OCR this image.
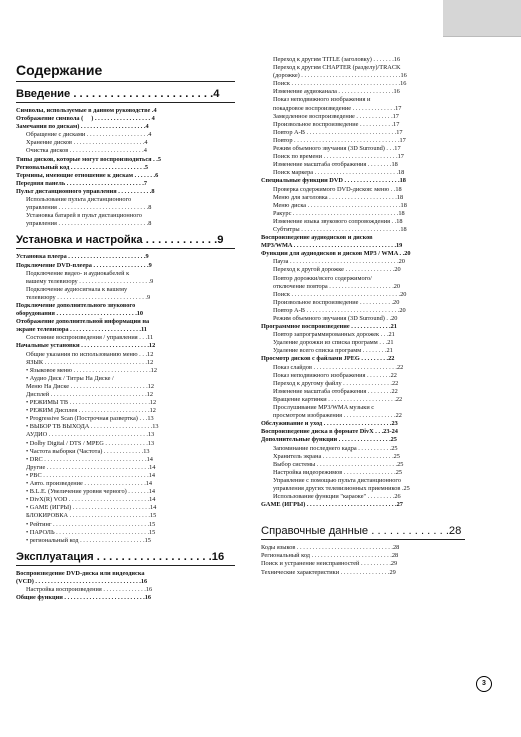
Содержание
Введение . . . . . . . . . . . . . . . . . . . . . . .4
Символы, используемые в данном руководстве .4
Отображение символа ( ⃠ ) . . . . . . . . . . . . . . . . . . 4
Замечания по дискам) . . . . . . . . . . . . . . . . . . . . .4
Обращение с дисками . . . . . . . . . . . . . . . . . . . .4
Хранение дисков . . . . . . . . . . . . . . . . . . . . . . .4
Очистка дисков . . . . . . . . . . . . . . . . . . . . . . . .4
Типы дисков, которые могут воспроизводиться . .5
Региональный код . . . . . . . . . . . . . . . . . . . . . . . .5
Термины, имеющие отношение к дискам . . . . . . .6
Передняя панель . . . . . . . . . . . . . . . . . . . . . . . . .7
Пульт дистанционного управления . . . . . . . . . . .8
Использование пульта дистанционного
управления . . . . . . . . . . . . . . . . . . . . . . . . . . . . .8
Установка батарей в пульт дистанционного
управления . . . . . . . . . . . . . . . . . . . . . . . . . . . . .8
Установка и настройка . . . . . . . . . . . .9
Установка плеера . . . . . . . . . . . . . . . . . . . . . . . . .9
Подключение DVD-плеера . . . . . . . . . . . . . . . . . .9
Подключение видео- и аудиокабелей к
вашему телевизору . . . . . . . . . . . . . . . . . . . . . . .9
Подключение аудиосигнала к вашему
телевизору . . . . . . . . . . . . . . . . . . . . . . . . . . . . .9
Подключение дополнительного звукового
оборудования . . . . . . . . . . . . . . . . . . . . . . . . . .10
Отображение дополнительной информации на
экране телевизора . . . . . . . . . . . . . . . . . . . . . . .11
Состояние воспроизведения / управления . . .11
Начальные установки . . . . . . . . . . . . . . . . . . . . . .12
Общие указания по использованию меню . . .12
ЯЗЫК . . . . . . . . . . . . . . . . . . . . . . . . . . . . . . . . .12
• Языковое меню . . . . . . . . . . . . . . . . . . . . . . . . .12
• Аудио Диск / Титры На Диске /
Меню На Диске . . . . . . . . . . . . . . . . . . . . . . . . .12
Дисплей . . . . . . . . . . . . . . . . . . . . . . . . . . . . . . .12
• РЕЖИМЫ ТВ . . . . . . . . . . . . . . . . . . . . . . . . . .12
• РЕЖИМ Дисплея . . . . . . . . . . . . . . . . . . . . . . .12
• Progressive Scan (Построчная развертка) . . .13
• ВЫБОР ТВ ВЫХОДА . . . . . . . . . . . . . . . . . . . .13
АУДИО . . . . . . . . . . . . . . . . . . . . . . . . . . . . . . . .13
• Dolby Digital / DTS / MPEG . . . . . . . . . . . . . .13
• Частота выборки (Частота) . . . . . . . . . . . . .13
• DRC . . . . . . . . . . . . . . . . . . . . . . . . . . . . . . . . .14
Другие . . . . . . . . . . . . . . . . . . . . . . . . . . . . . . . . .14
• PBC . . . . . . . . . . . . . . . . . . . . . . . . . . . . . . . . . .14
• Авто. произведение . . . . . . . . . . . . . . . . . . . .14
• B.L.E. (Увеличение уровня черного) . . . . . . .14
• DivX(R) VOD . . . . . . . . . . . . . . . . . . . . . . . . . .14
• GAME (ИГРЫ) . . . . . . . . . . . . . . . . . . . . . . . . .14
БЛОКИРОВКА . . . . . . . . . . . . . . . . . . . . . . . . . .15
• Рейтинг . . . . . . . . . . . . . . . . . . . . . . . . . . . . . . .15
• ПАРОЛЬ . . . . . . . . . . . . . . . . . . . . . . . . . . . . . .15
• региональный код . . . . . . . . . . . . . . . . . . . . .15
Эксплуатация . . . . . . . . . . . . . . . . . . .16
Воспроизведение DVD-диска или видеодиска
(VCD) . . . . . . . . . . . . . . . . . . . . . . . . . . . . . . . . . .16
Настройка воспроизведения . . . . . . . . . . . . . .16
Общие функции . . . . . . . . . . . . . . . . . . . . . . . . . .16
Переход к другим TITLE (заголовку) . . . . . . .16
Переход к другим CHAPTER (разделу)/TRACK
(дорожке) . . . . . . . . . . . . . . . . . . . . . . . . . . . . . . . .16
Поиск . . . . . . . . . . . . . . . . . . . . . . . . . . . . . . . . . . .16
Изменение аудиоканала . . . . . . . . . . . . . . . . . .16
Показ неподвижного изображения и
покадровое воспроизведение . . . . . . . . . . . . . .17
Замедленное воспроизведение . . . . . . . . . . . .17
Произвольное воспроизведение . . . . . . . . . . .17
Повтор A-B . . . . . . . . . . . . . . . . . . . . . . . . . . . . .17
Повтор . . . . . . . . . . . . . . . . . . . . . . . . . . . . . . . . . .17
Режим объемного звучания (3D Surround) . . .17
Поиск по времени . . . . . . . . . . . . . . . . . . . . . . . .17
Изменение масштаба отображения . . . . . . . .18
Поиск маркера . . . . . . . . . . . . . . . . . . . . . . . . . . .18
Специальные функции DVD . . . . . . . . . . . . . . . . . .18
Проверка содержимого DVD-дисков: меню . .18
Меню для заголовка . . . . . . . . . . . . . . . . . . . . . .18
Меню диска . . . . . . . . . . . . . . . . . . . . . . . . . . . . . .18
Ракурс . . . . . . . . . . . . . . . . . . . . . . . . . . . . . . . . . .18
Изменение языка звукового сопровождения . .18
Субтитры . . . . . . . . . . . . . . . . . . . . . . . . . . . . . . . .18
Воспроизведение аудиодисков и дисков
MP3/WMA . . . . . . . . . . . . . . . . . . . . . . . . . . . . . . . . .19
Функции для аудиодисков и дисков MP3 / WMA . .20
Пауза . . . . . . . . . . . . . . . . . . . . . . . . . . . . . . . . . . .20
Переход к другой дорожке . . . . . . . . . . . . . . . .20
Повтор дорожки/всего содержимого/
отключение повтора . . . . . . . . . . . . . . . . . . . . .20
Поиск . . . . . . . . . . . . . . . . . . . . . . . . . . . . . . . . . . .20
Произвольное воспроизведение . . . . . . . . . . .20
Повтор A-B . . . . . . . . . . . . . . . . . . . . . . . . . . . . . .20
Режим объемного звучания (3D Surround) . .20
Программное воспроизведение . . . . . . . . . . . . .21
Повтор запрограммированных дорожек . . .21
Удаление дорожки из списка программ . . .21
Удаление всего списка программ . . . . . . . .21
Просмотр дисков с файлами JPEG . . . . . . . . .22
Показ слайдов . . . . . . . . . . . . . . . . . . . . . . . . . . .22
Показ неподвижного изображения . . . . . . . .22
Переход к другому файлу . . . . . . . . . . . . . . . .22
Изменение масштаба отображения . . . . . . . .22
Вращение картинки . . . . . . . . . . . . . . . . . . . . . .22
Прослушивание MP3/WMA музыки с
просмотром изображения . . . . . . . . . . . . . . . . .22
Обслуживание и уход . . . . . . . . . . . . . . . . . . . . . .23
Воспроизведение диска в формате DivX . . .23-24
Дополнительные функции . . . . . . . . . . . . . . . . .25
Запоминание последнего кадра . . . . . . . . . . .25
Хранитель экрана . . . . . . . . . . . . . . . . . . . . . . .25
Выбор системы . . . . . . . . . . . . . . . . . . . . . . . . . .25
Настройка видеорежимов . . . . . . . . . . . . . . . . .25
Управление с помощью пульта дистанционного
управления других телевизионных приемников .25
Использование функции "караоке" . . . . . . . . .26
GAME (ИГРЫ) . . . . . . . . . . . . . . . . . . . . . . . . . . . . .27
Справочные данные . . . . . . . . . . . . .28
Коды языков . . . . . . . . . . . . . . . . . . . . . . . . . . . . . . .28
Региональный код . . . . . . . . . . . . . . . . . . . . . . . . . .28
Поиск и устранение неисправностей . . . . . . . . . .29
Технические характеристики . . . . . . . . . . . . . . . .29
3
